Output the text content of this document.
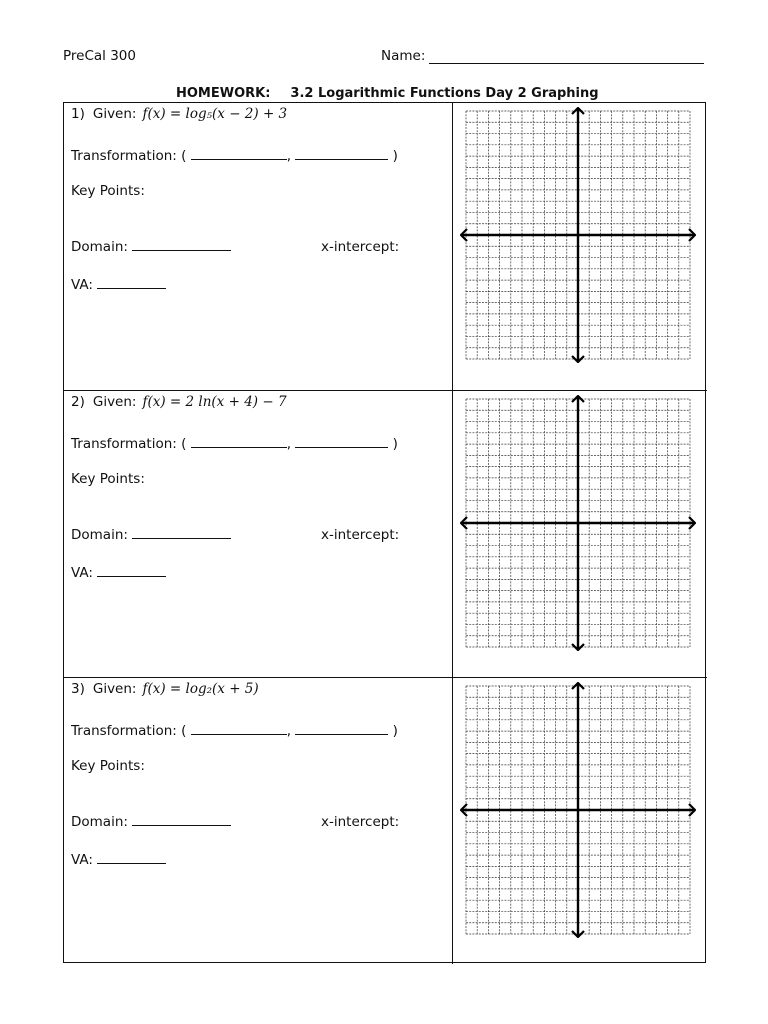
PreCal 300	Name:
HOMEWORK: 3.2 Logarithmic Functions Day 2 Graphing
1) Given: f(x) = log₅(x − 2) + 3
Transformation: (	,	)
Key Points:
Domain:	x-intercept:
VA:
2) Given: f(x) = 2 ln(x + 4) − 7
Transformation: (	,	)
Key Points:
Domain:	x-intercept:
VA:
3) Given: f(x) = log₂(x + 5)
Transformation: (	,	)
Key Points:
Domain:	x-intercept:
VA:
